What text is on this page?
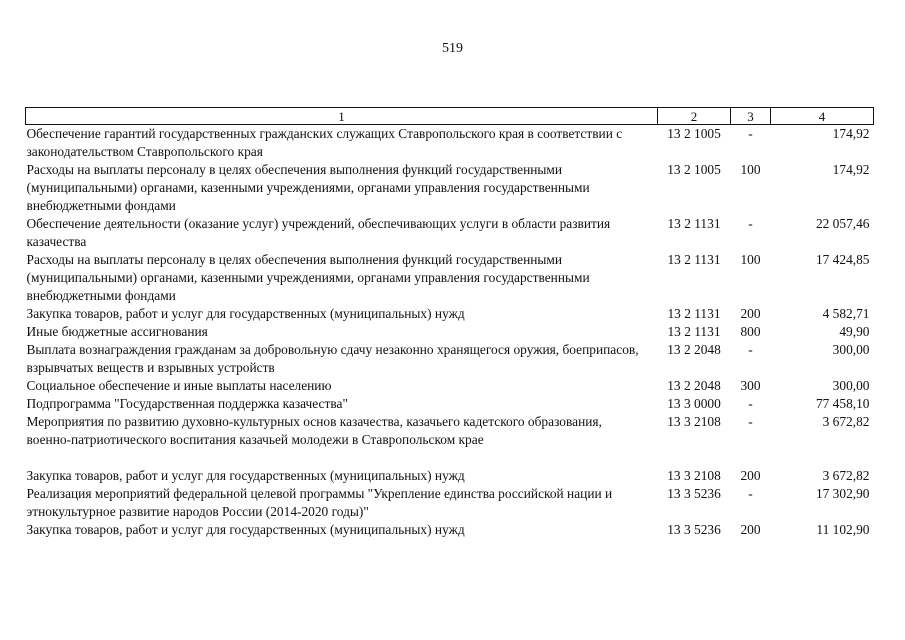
519
1	2	3	4
Обеспечение гарантий государственных гражданских служащих Ставропольского края в соответствии с законодательством Ставропольского края	13 2 1005	-	174,92
Расходы на выплаты персоналу в целях обеспечения выполнения функций государственными (муниципальными) органами, казенными учреждениями, органами управления государственными внебюджетными фондами	13 2 1005	100	174,92
Обеспечение деятельности (оказание услуг) учреждений, обеспечивающих услуги в области развития казачества	13 2 1131	-	22 057,46
Расходы на выплаты персоналу в целях обеспечения выполнения функций государственными (муниципальными) органами, казенными учреждениями, органами управления государственными внебюджетными фондами	13 2 1131	100	17 424,85
Закупка товаров, работ и услуг для государственных (муниципальных) нужд	13 2 1131	200	4 582,71
Иные бюджетные ассигнования	13 2 1131	800	49,90
Выплата вознаграждения гражданам за добровольную сдачу незаконно хранящегося оружия, боеприпасов, взрывчатых веществ и взрывных устройств	13 2 2048	-	300,00
Социальное обеспечение и иные выплаты населению	13 2 2048	300	300,00
Подпрограмма "Государственная поддержка казачества"	13 3 0000	-	77 458,10
Мероприятия по развитию духовно-культурных основ казачества, казачьего кадетского образования, военно-патриотического воспитания казачьей молодежи в Ставропольском крае	13 3 2108	-	3 672,82

Закупка товаров, работ и услуг для государственных (муниципальных) нужд	13 3 2108	200	3 672,82
Реализация мероприятий федеральной целевой программы "Укрепление единства российской нации и этнокультурное развитие народов России (2014-2020 годы)"	13 3 5236	-	17 302,90
Закупка товаров, работ и услуг для государственных (муниципальных) нужд	13 3 5236	200	11 102,90
